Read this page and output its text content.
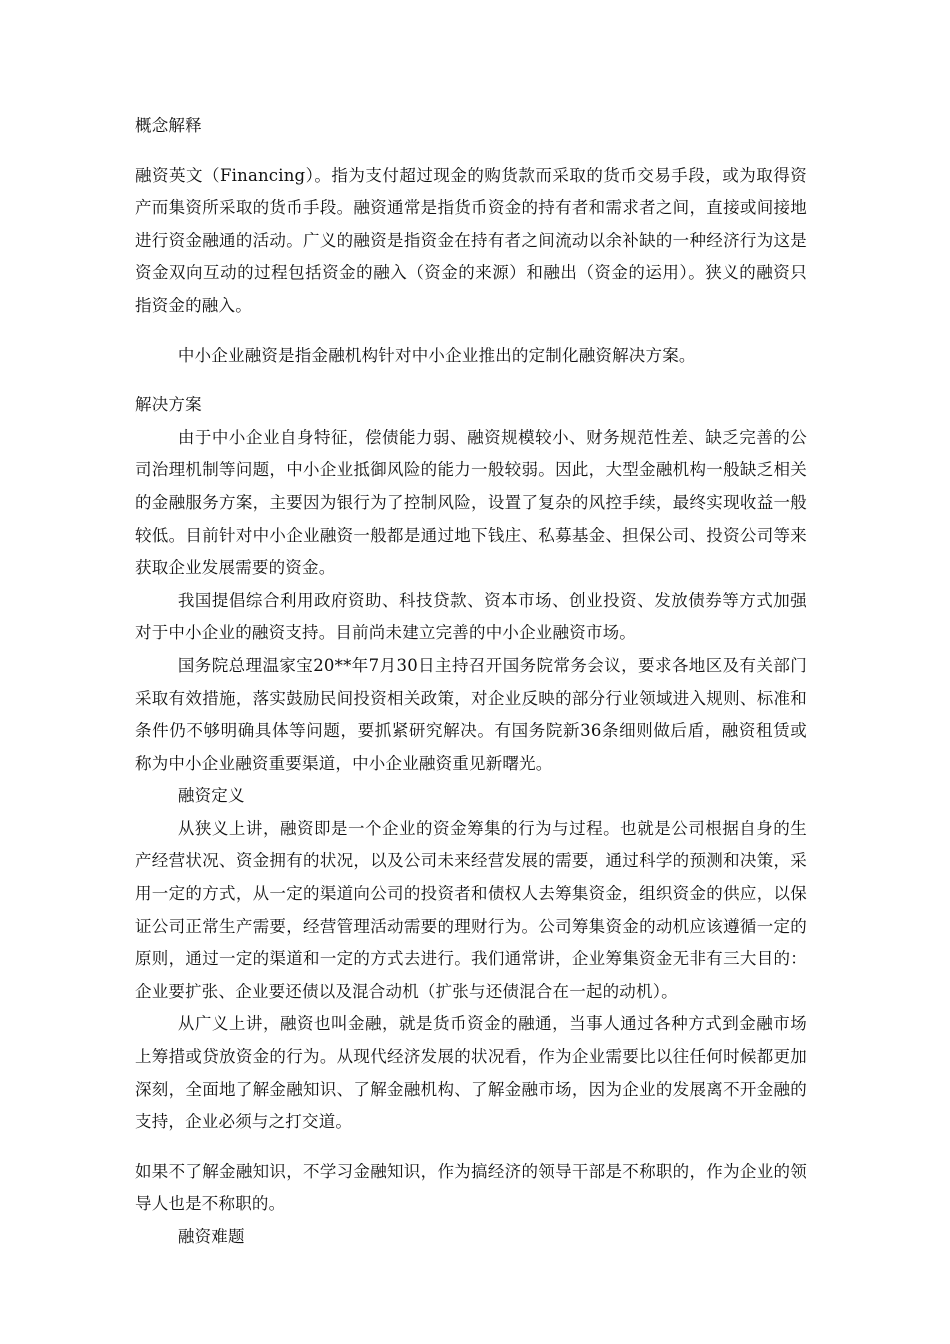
概念解释

融资英文（Financing）。指为支付超过现金的购货款而采取的货币交易手段，或为取得资产而集资所采取的货币手段。融资通常是指货币资金的持有者和需求者之间，直接或间接地进行资金融通的活动。广义的融资是指资金在持有者之间流动以余补缺的一种经济行为这是资金双向互动的过程包括资金的融入（资金的来源）和融出（资金的运用）。狭义的融资只指资金的融入。

中小企业融资是指金融机构针对中小企业推出的定制化融资解决方案。

解决方案

由于中小企业自身特征，偿债能力弱、融资规模较小、财务规范性差、缺乏完善的公司治理机制等问题，中小企业抵御风险的能力一般较弱。因此，大型金融机构一般缺乏相关的金融服务方案，主要因为银行为了控制风险，设置了复杂的风控手续，最终实现收益一般较低。目前针对中小企业融资一般都是通过地下钱庄、私募基金、担保公司、投资公司等来获取企业发展需要的资金。

我国提倡综合利用政府资助、科技贷款、资本市场、创业投资、发放债券等方式加强对于中小企业的融资支持。目前尚未建立完善的中小企业融资市场。

国务院总理温家宝20**年7月30日主持召开国务院常务会议，要求各地区及有关部门采取有效措施，落实鼓励民间投资相关政策，对企业反映的部分行业领域进入规则、标准和条件仍不够明确具体等问题，要抓紧研究解决。有国务院新36条细则做后盾，融资租赁或称为中小企业融资重要渠道，中小企业融资重见新曙光。

融资定义

从狭义上讲，融资即是一个企业的资金筹集的行为与过程。也就是公司根据自身的生产经营状况、资金拥有的状况，以及公司未来经营发展的需要，通过科学的预测和决策，采用一定的方式，从一定的渠道向公司的投资者和债权人去筹集资金，组织资金的供应，以保证公司正常生产需要，经营管理活动需要的理财行为。公司筹集资金的动机应该遵循一定的原则，通过一定的渠道和一定的方式去进行。我们通常讲，企业筹集资金无非有三大目的：企业要扩张、企业要还债以及混合动机（扩张与还债混合在一起的动机）。

从广义上讲，融资也叫金融，就是货币资金的融通，当事人通过各种方式到金融市场上筹措或贷放资金的行为。从现代经济发展的状况看，作为企业需要比以往任何时候都更加深刻，全面地了解金融知识、了解金融机构、了解金融市场，因为企业的发展离不开金融的支持，企业必须与之打交道。

如果不了解金融知识，不学习金融知识，作为搞经济的领导干部是不称职的，作为企业的领导人也是不称职的。

融资难题
